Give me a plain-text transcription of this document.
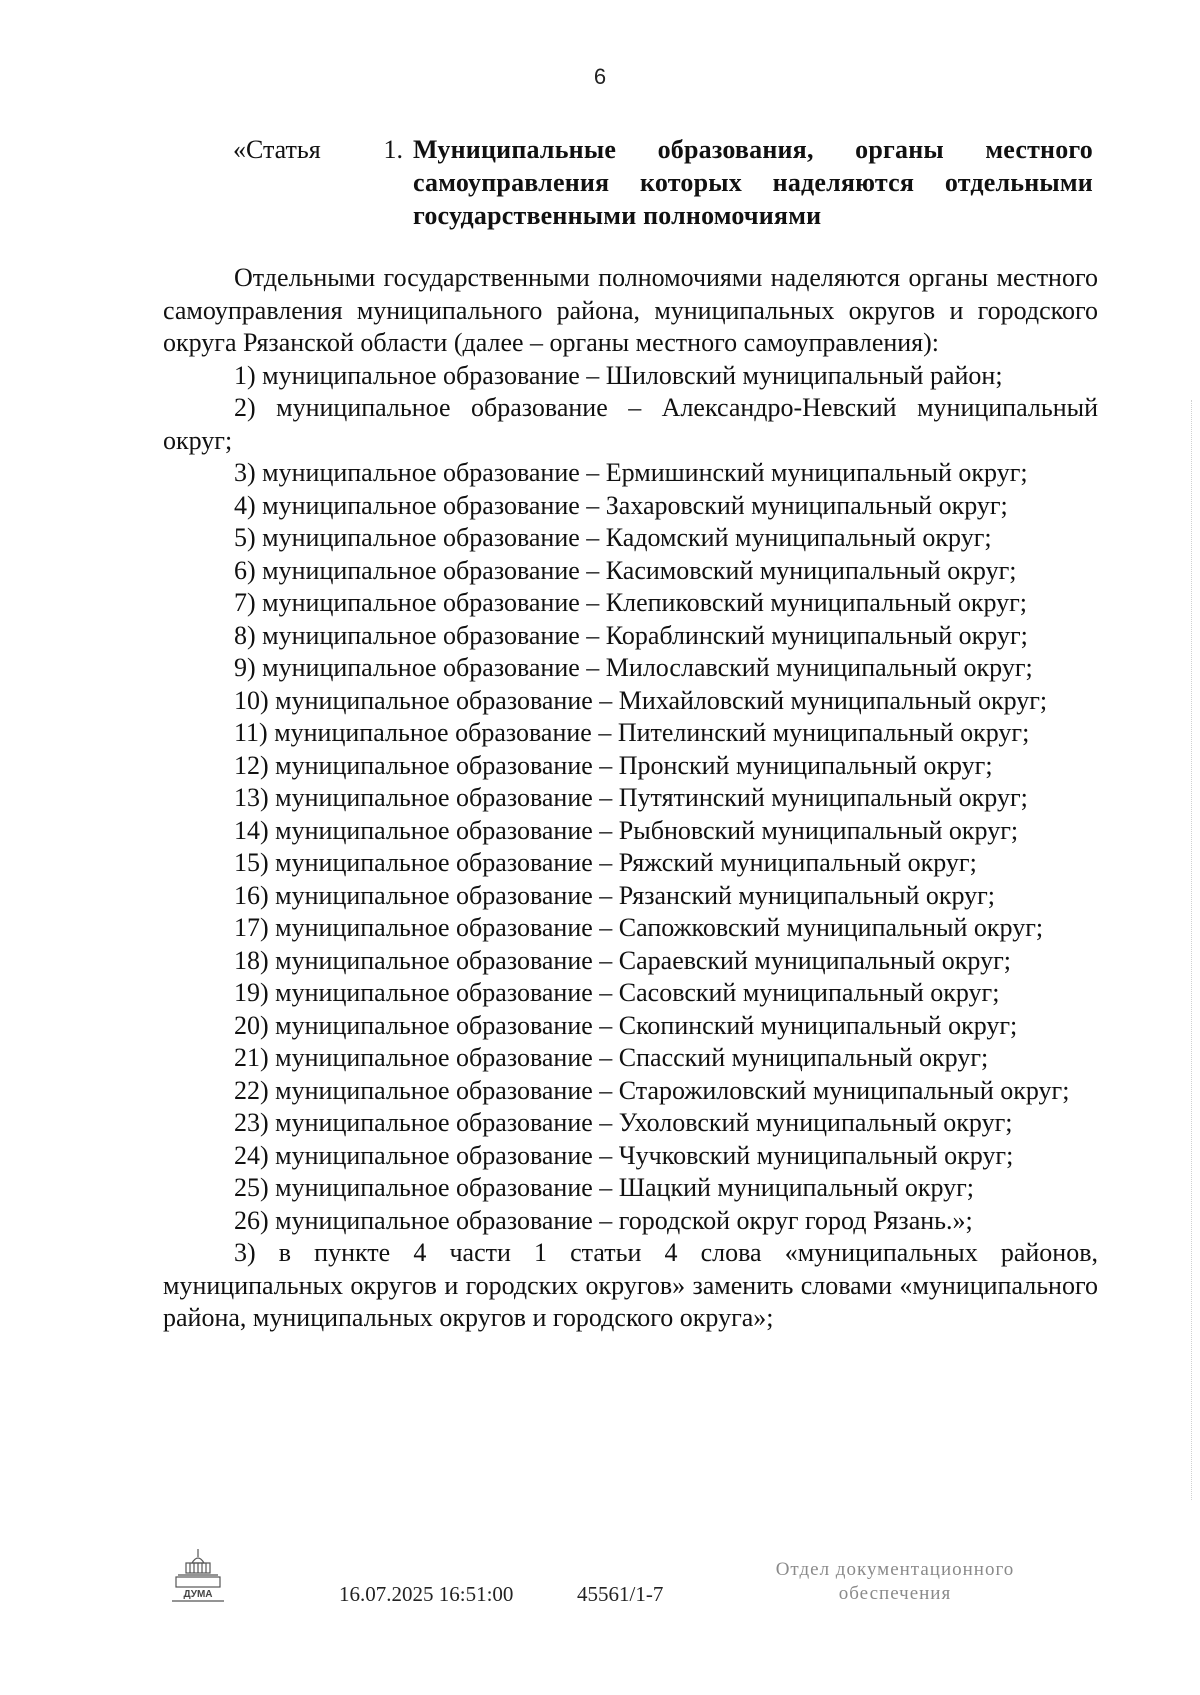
6
«Статья 1. Муниципальные образования, органы местного самоуправления которых наделяются отдельными государственными полномочиями

Отдельными государственными полномочиями наделяются органы местного самоуправления муниципального района, муниципальных округов и городского округа Рязанской области (далее – органы местного самоуправления):

1) муниципальное образование – Шиловский муниципальный район;

2) муниципальное образование – Александро-Невский муниципальный округ;

3) муниципальное образование – Ермишинский муниципальный округ;

4) муниципальное образование – Захаровский муниципальный округ;

5) муниципальное образование – Кадомский муниципальный округ;

6) муниципальное образование – Касимовский муниципальный округ;

7) муниципальное образование – Клепиковский муниципальный округ;

8) муниципальное образование – Кораблинский муниципальный округ;

9) муниципальное образование – Милославский муниципальный округ;

10) муниципальное образование – Михайловский муниципальный округ;

11) муниципальное образование – Пителинский муниципальный округ;

12) муниципальное образование – Пронский муниципальный округ;

13) муниципальное образование – Путятинский муниципальный округ;

14) муниципальное образование – Рыбновский муниципальный округ;

15) муниципальное образование – Ряжский муниципальный округ;

16) муниципальное образование – Рязанский муниципальный округ;

17) муниципальное образование – Сапожковский муниципальный округ;

18) муниципальное образование – Сараевский муниципальный округ;

19) муниципальное образование – Сасовский муниципальный округ;

20) муниципальное образование – Скопинский муниципальный округ;

21) муниципальное образование – Спасский муниципальный округ;

22) муниципальное образование – Старожиловский муниципальный округ;

23) муниципальное образование – Ухоловский муниципальный округ;

24) муниципальное образование – Чучковский муниципальный округ;

25) муниципальное образование – Шацкий муниципальный округ;

26) муниципальное образование – городской округ город Рязань.»;

3) в пункте 4 части 1 статьи 4 слова «муниципальных районов, муниципальных округов и городских округов» заменить словами «муниципального района, муниципальных округов и городского округа»;

ДУМА	16.07.2025 16:51:00	45561/1-7
Отдел документационного
обеспечения
